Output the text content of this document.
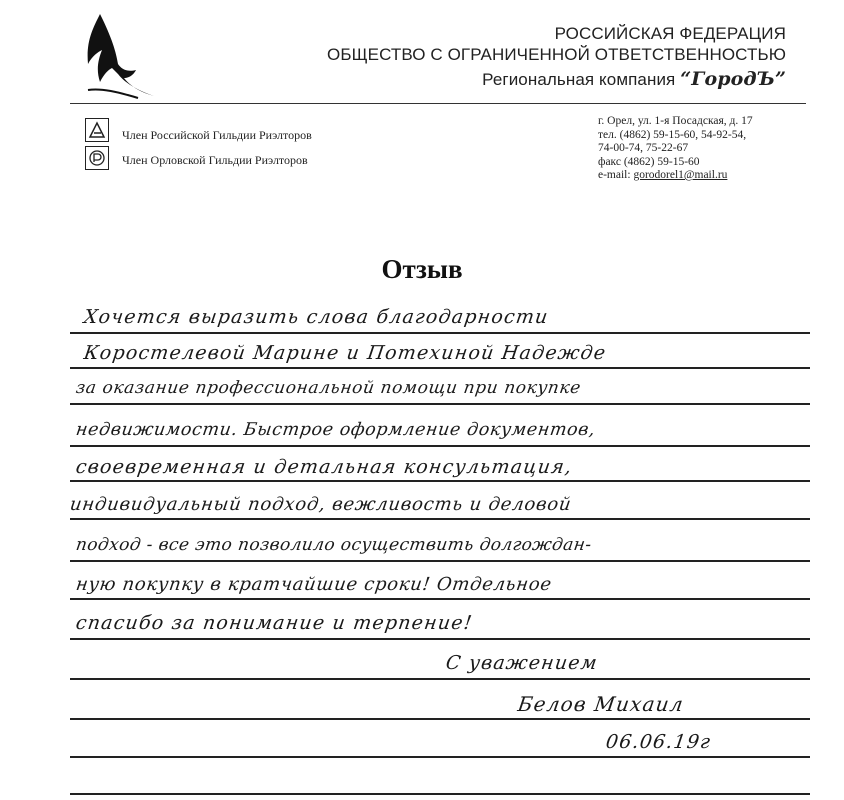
РОССИЙСКАЯ ФЕДЕРАЦИЯ
ОБЩЕСТВО С ОГРАНИЧЕННОЙ ОТВЕТСТВЕННОСТЬЮ
Региональная компания “ГородЪ”
Член Российской Гильдии Риэлторов
Член Орловской Гильдии Риэлторов
г. Орел, ул. 1-я Посадская, д. 17
тел. (4862) 59-15-60, 54-92-54,
74-00-74, 75-22-67
факс (4862) 59-15-60
e-mail: gorodorel1@mail.ru
Отзыв
Хочется выразить слова благодарности
Коростелевой Марине и Потехиной Надежде
за оказание профессиональной помощи при покупке
недвижимости. Быстрое оформление документов,
своевременная и детальная консультация,
индивидуальный подход, вежливость и деловой
подход - все это позволило осуществить долгождан-
ную покупку в кратчайшие сроки! Отдельное
спасибо за понимание и терпение!
С уважением
Белов Михаил
06.06.19г
